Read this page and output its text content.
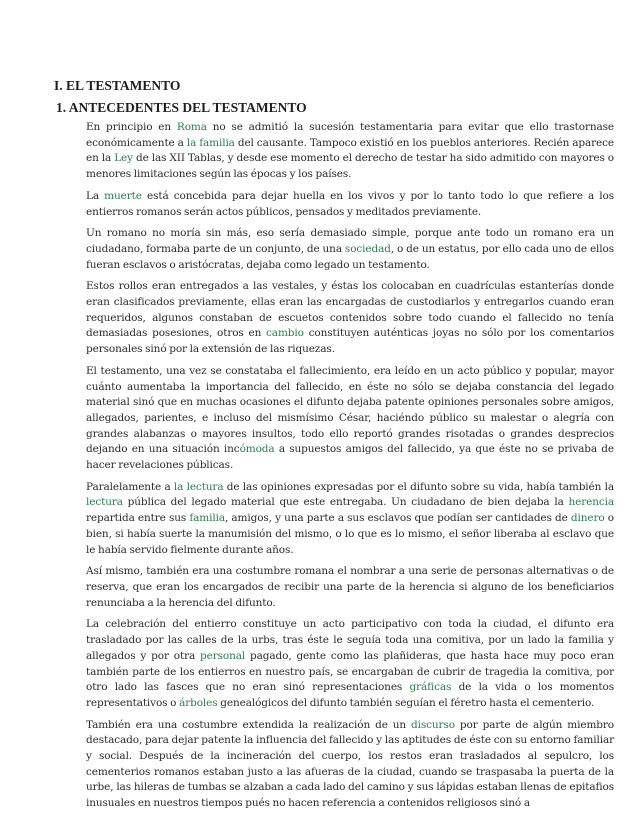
I. EL TESTAMENTO
1. ANTECEDENTES DEL TESTAMENTO

En principio en Roma no se admitió la sucesión testamentaria para evitar que ello trastornase económicamente a la familia del causante. Tampoco existió en los pueblos anteriores. Recién aparece en la Ley de las XII Tablas, y desde ese momento el derecho de testar ha sido admitido con mayores o menores limitaciones según las épocas y los países.

La muerte está concebida para dejar huella en los vivos y por lo tanto todo lo que refiere a los entierros romanos serán actos públicos, pensados y meditados previamente.

Un romano no moría sin más, eso sería demasiado simple, porque ante todo un romano era un ciudadano, formaba parte de un conjunto, de una sociedad, o de un estatus, por ello cada uno de ellos fueran esclavos o aristócratas, dejaba como legado un testamento.

Estos rollos eran entregados a las vestales, y éstas los colocaban en cuadrículas estanterías donde eran clasificados previamente, ellas eran las encargadas de custodiarlos y entregarlos cuando eran requeridos, algunos constaban de escuetos contenidos sobre todo cuando el fallecido no tenía demasiadas posesiones, otros en cambio constituyen auténticas joyas no sólo por los comentarios personales sinó por la extensión de las riquezas.

El testamento, una vez se constataba el fallecimiento, era leído en un acto público y popular, mayor cuánto aumentaba la importancia del fallecido, en éste no sólo se dejaba constancia del legado material sinó que en muchas ocasiones el difunto dejaba patente opiniones personales sobre amigos, allegados, parientes, e incluso del mismísimo César, haciéndo público su malestar o alegría con grandes alabanzas o mayores insultos, todo ello reportó grandes risotadas o grandes desprecios dejando en una situación incómoda a supuestos amigos del fallecido, ya que éste no se privaba de hacer revelaciones públicas.

Paralelamente a la lectura de las opiniones expresadas por el difunto sobre su vida, había también la lectura pública del legado material que este entregaba. Un ciudadano de bien dejaba la herencia repartida entre sus familia, amigos, y una parte a sus esclavos que podían ser cantidades de dinero o bien, si había suerte la manumisión del mismo, o lo que es lo mismo, el señor liberaba al esclavo que le había servido fielmente durante años.

Así mismo, también era una costumbre romana el nombrar a una serie de personas alternativas o de reserva, que eran los encargados de recibir una parte de la herencia si alguno de los beneficiarios renunciaba a la herencia del difunto.

La celebración del entierro constituye un acto participativo con toda la ciudad, el difunto era trasladado por las calles de la urbs, tras éste le seguía toda una comitiva, por un lado la familia y allegados y por otra personal pagado, gente como las plañideras, que hasta hace muy poco eran también parte de los entierros en nuestro país, se encargaban de cubrir de tragedia la comitiva, por otro lado las fasces que no eran sinó representaciones gráficas de la vida o los momentos representativos o árboles genealógicos del difunto también seguían el féretro hasta el cementerio.

También era una costumbre extendida la realización de un discurso por parte de algún miembro destacado, para dejar patente la influencia del fallecido y las aptitudes de éste con su entorno familiar y social. Después de la incineración del cuerpo, los restos eran trasladados al sepulcro, los cementerios romanos estaban justo a las afueras de la ciudad, cuando se traspasaba la puerta de la urbe, las hileras de tumbas se alzaban a cada lado del camino y sus lápidas estaban llenas de epitafios inusuales en nuestros tiempos pués no hacen referencia a contenidos religiosos sinó a
